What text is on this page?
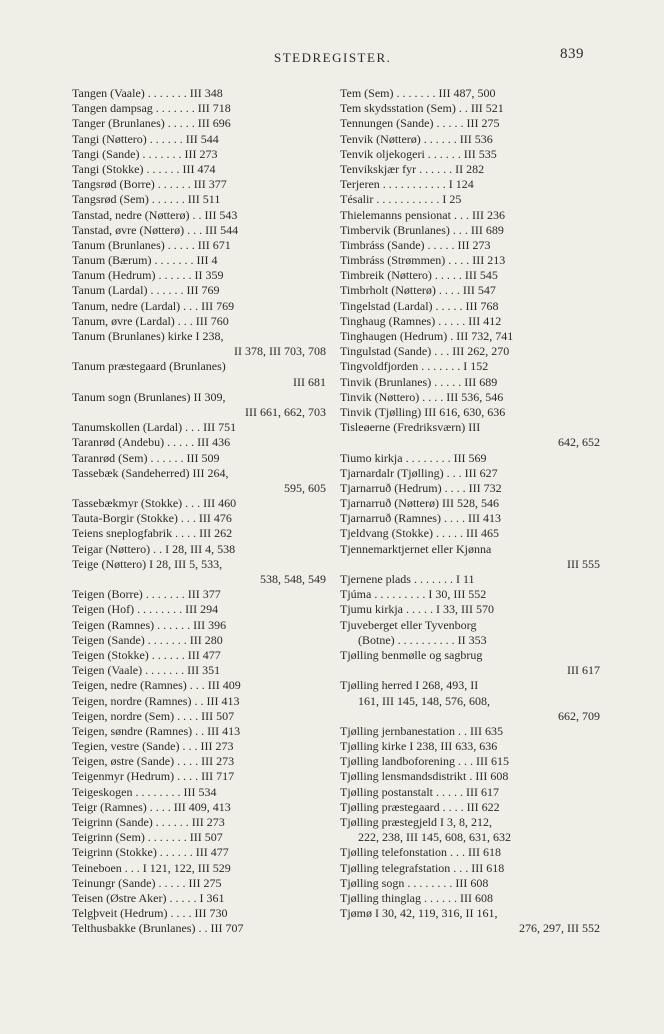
STEDREGISTER.	839
Tangen (Vaale) . . . . . . . III 348
Tangen dampsag . . . . . . . III 718
Tanger (Brunlanes) . . . . . III 696
Tangi (Nøttero) . . . . . . III 544
Tangi (Sande) . . . . . . . III 273
Tangi (Stokke) . . . . . . III 474
Tangsrød (Borre) . . . . . . III 377
Tangsrød (Sem) . . . . . . III 511
Tanstad, nedre (Nøtterø) . . III 543
Tanstad, øvre (Nøtterø) . . . III 544
Tanum (Brunlanes) . . . . . III 671
Tanum (Bærum) . . . . . . . III 4
Tanum (Hedrum) . . . . . . II 359
Tanum (Lardal) . . . . . . III 769
Tanum, nedre (Lardal) . . . III 769
Tanum, øvre (Lardal) . . . III 760
Tanum (Brunlanes) kirke I 238,
II 378, III 703, 708
Tanum præstegaard (Brunlanes)
III 681
Tanum sogn (Brunlanes) II 309,
III 661, 662, 703
Tanumskollen (Lardal) . . . III 751
Taranrød (Andebu) . . . . . III 436
Taranrød (Sem) . . . . . . III 509
Tassebæk (Sandeherred) III 264,
595, 605
Tassebækmyr (Stokke) . . . III 460
Tauta-Borgir (Stokke) . . . III 476
Teiens sneplogfabrik . . . . III 262
Teigar (Nøttero) . . I 28, III 4, 538
Teige (Nøttero) I 28, III 5, 533,
538, 548, 549
Teigen (Borre) . . . . . . . III 377
Teigen (Hof) . . . . . . . . III 294
Teigen (Ramnes) . . . . . . III 396
Teigen (Sande) . . . . . . . III 280
Teigen (Stokke) . . . . . . III 477
Teigen (Vaale) . . . . . . . III 351
Teigen, nedre (Ramnes) . . . III 409
Teigen, nordre (Ramnes) . . III 413
Teigen, nordre (Sem) . . . . III 507
Teigen, søndre (Ramnes) . . III 413
Tegien, vestre (Sande) . . . III 273
Teigen, østre (Sande) . . . . III 273
Teigenmyr (Hedrum) . . . . III 717
Teigeskogen . . . . . . . . III 534
Teigr (Ramnes) . . . . III 409, 413
Teigrinn (Sande) . . . . . . III 273
Teigrinn (Sem) . . . . . . . III 507
Teigrinn (Stokke) . . . . . . III 477
Teineboen . . . I 121, 122, III 529
Teinungr (Sande) . . . . . III 275
Teisen (Østre Aker) . . . . . I 361
Telgþveit (Hedrum) . . . . III 730
Telthusbakke (Brunlanes) . . III 707
Tem (Sem) . . . . . . . III 487, 500
Tem skydsstation (Sem) . . III 521
Tennungen (Sande) . . . . . III 275
Tenvik (Nøtterø) . . . . . . III 536
Tenvik oljekogeri . . . . . . III 535
Tenvikskjær fyr . . . . . . II 282
Terjeren . . . . . . . . . . . I 124
Tésalir . . . . . . . . . . . I 25
Thielemanns pensionat . . . III 236
Timbervik (Brunlanes) . . . III 689
Timbráss (Sande) . . . . . III 273
Timbráss (Strømmen) . . . . III 213
Timbreik (Nøttero) . . . . . III 545
Timbrholt (Nøtterø) . . . . III 547
Tingelstad (Lardal) . . . . . III 768
Tinghaug (Ramnes) . . . . . III 412
Tinghaugen (Hedrum) . III 732, 741
Tingulstad (Sande) . . . III 262, 270
Tingvoldfjorden . . . . . . . I 152
Tinvik (Brunlanes) . . . . . III 689
Tinvik (Nøttero) . . . . III 536, 546
Tinvik (Tjølling) III 616, 630, 636
Tisleøerne (Fredriksværn) III
642, 652
Tiumo kirkja . . . . . . . . III 569
Tjarnardalr (Tjølling) . . . III 627
Tjarnarruð (Hedrum) . . . . III 732
Tjarnarruð (Nøtterø) III 528, 546
Tjarnarruð (Ramnes) . . . . III 413
Tjeldvang (Stokke) . . . . . III 465
Tjennemarktjernet eller Kjønna
III 555
Tjernene plads . . . . . . . I 11
Tjúma . . . . . . . . . I 30, III 552
Tjumu kirkja . . . . . I 33, III 570
Tjuveberget eller Tyvenborg
(Botne) . . . . . . . . . . II 353
Tjølling benmølle og sagbrug
III 617
Tjølling herred I 268, 493, II
161, III 145, 148, 576, 608,
662, 709
Tjølling jernbanestation . . III 635
Tjølling kirke I 238, III 633, 636
Tjølling landboforening . . . III 615
Tjølling lensmandsdistrikt . III 608
Tjølling postanstalt . . . . . III 617
Tjølling præstegaard . . . . III 622
Tjølling præstegjeld I 3, 8, 212,
222, 238, III 145, 608, 631, 632
Tjølling telefonstation . . . III 618
Tjølling telegrafstation . . . III 618
Tjølling sogn . . . . . . . . III 608
Tjølling thinglag . . . . . . III 608
Tjømø I 30, 42, 119, 316, II 161,
276, 297, III 552
